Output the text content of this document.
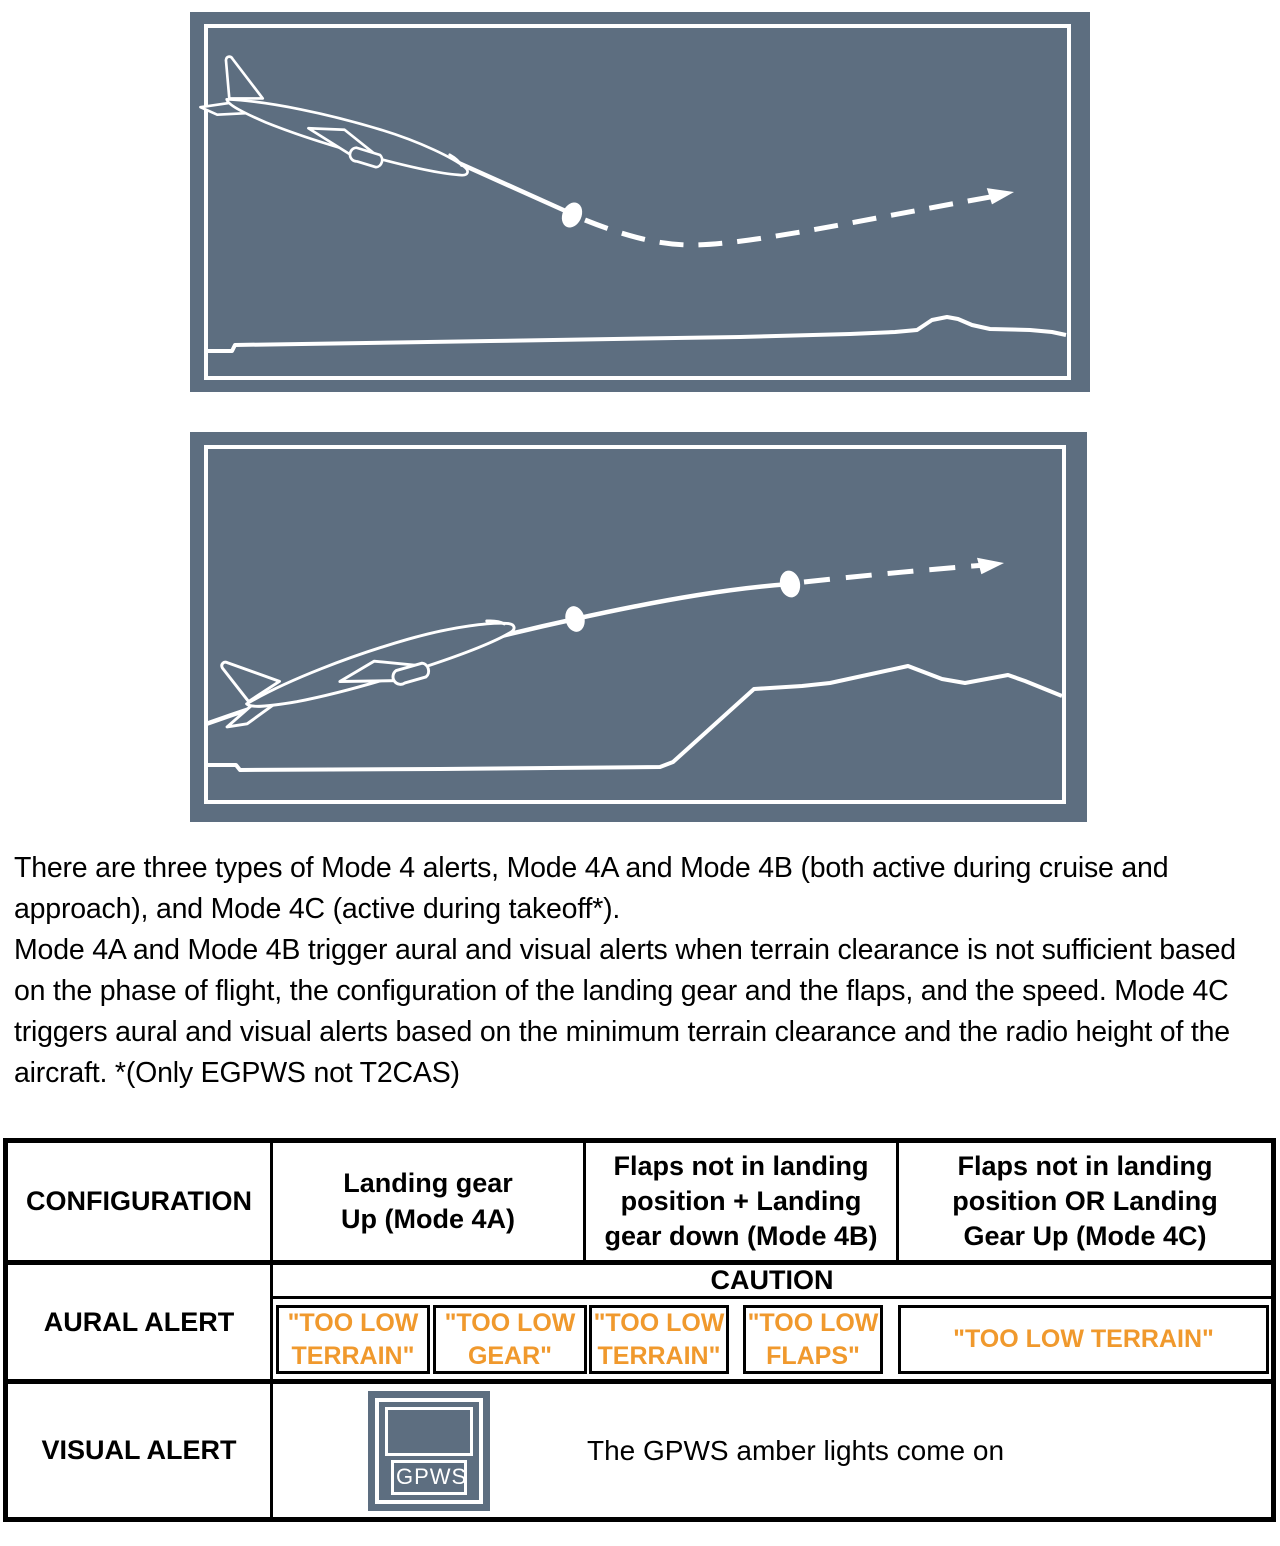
There are three types of Mode 4 alerts, Mode 4A and Mode 4B (both active during cruise and approach), and Mode 4C (active during takeoff*).

Mode 4A and Mode 4B trigger aural and visual alerts when terrain clearance is not sufficient based on the phase of flight, the configuration of the landing gear and the flaps, and the speed. Mode 4C triggers aural and visual alerts based on the minimum terrain clearance and the radio height of the aircraft. *(Only EGPWS not T2CAS)

CONFIGURATION
Landing gear
Up (Mode 4A)
Flaps not in landing
position + Landing
gear down (Mode 4B)
Flaps not in landing
position OR Landing
Gear Up (Mode 4C)
AURAL ALERT
CAUTION
"TOO LOW
TERRAIN"
"TOO LOW
GEAR"
"TOO LOW
TERRAIN"
"TOO LOW
FLAPS"
"TOO LOW TERRAIN"
VISUAL ALERT
GPWS
The GPWS amber lights come on
